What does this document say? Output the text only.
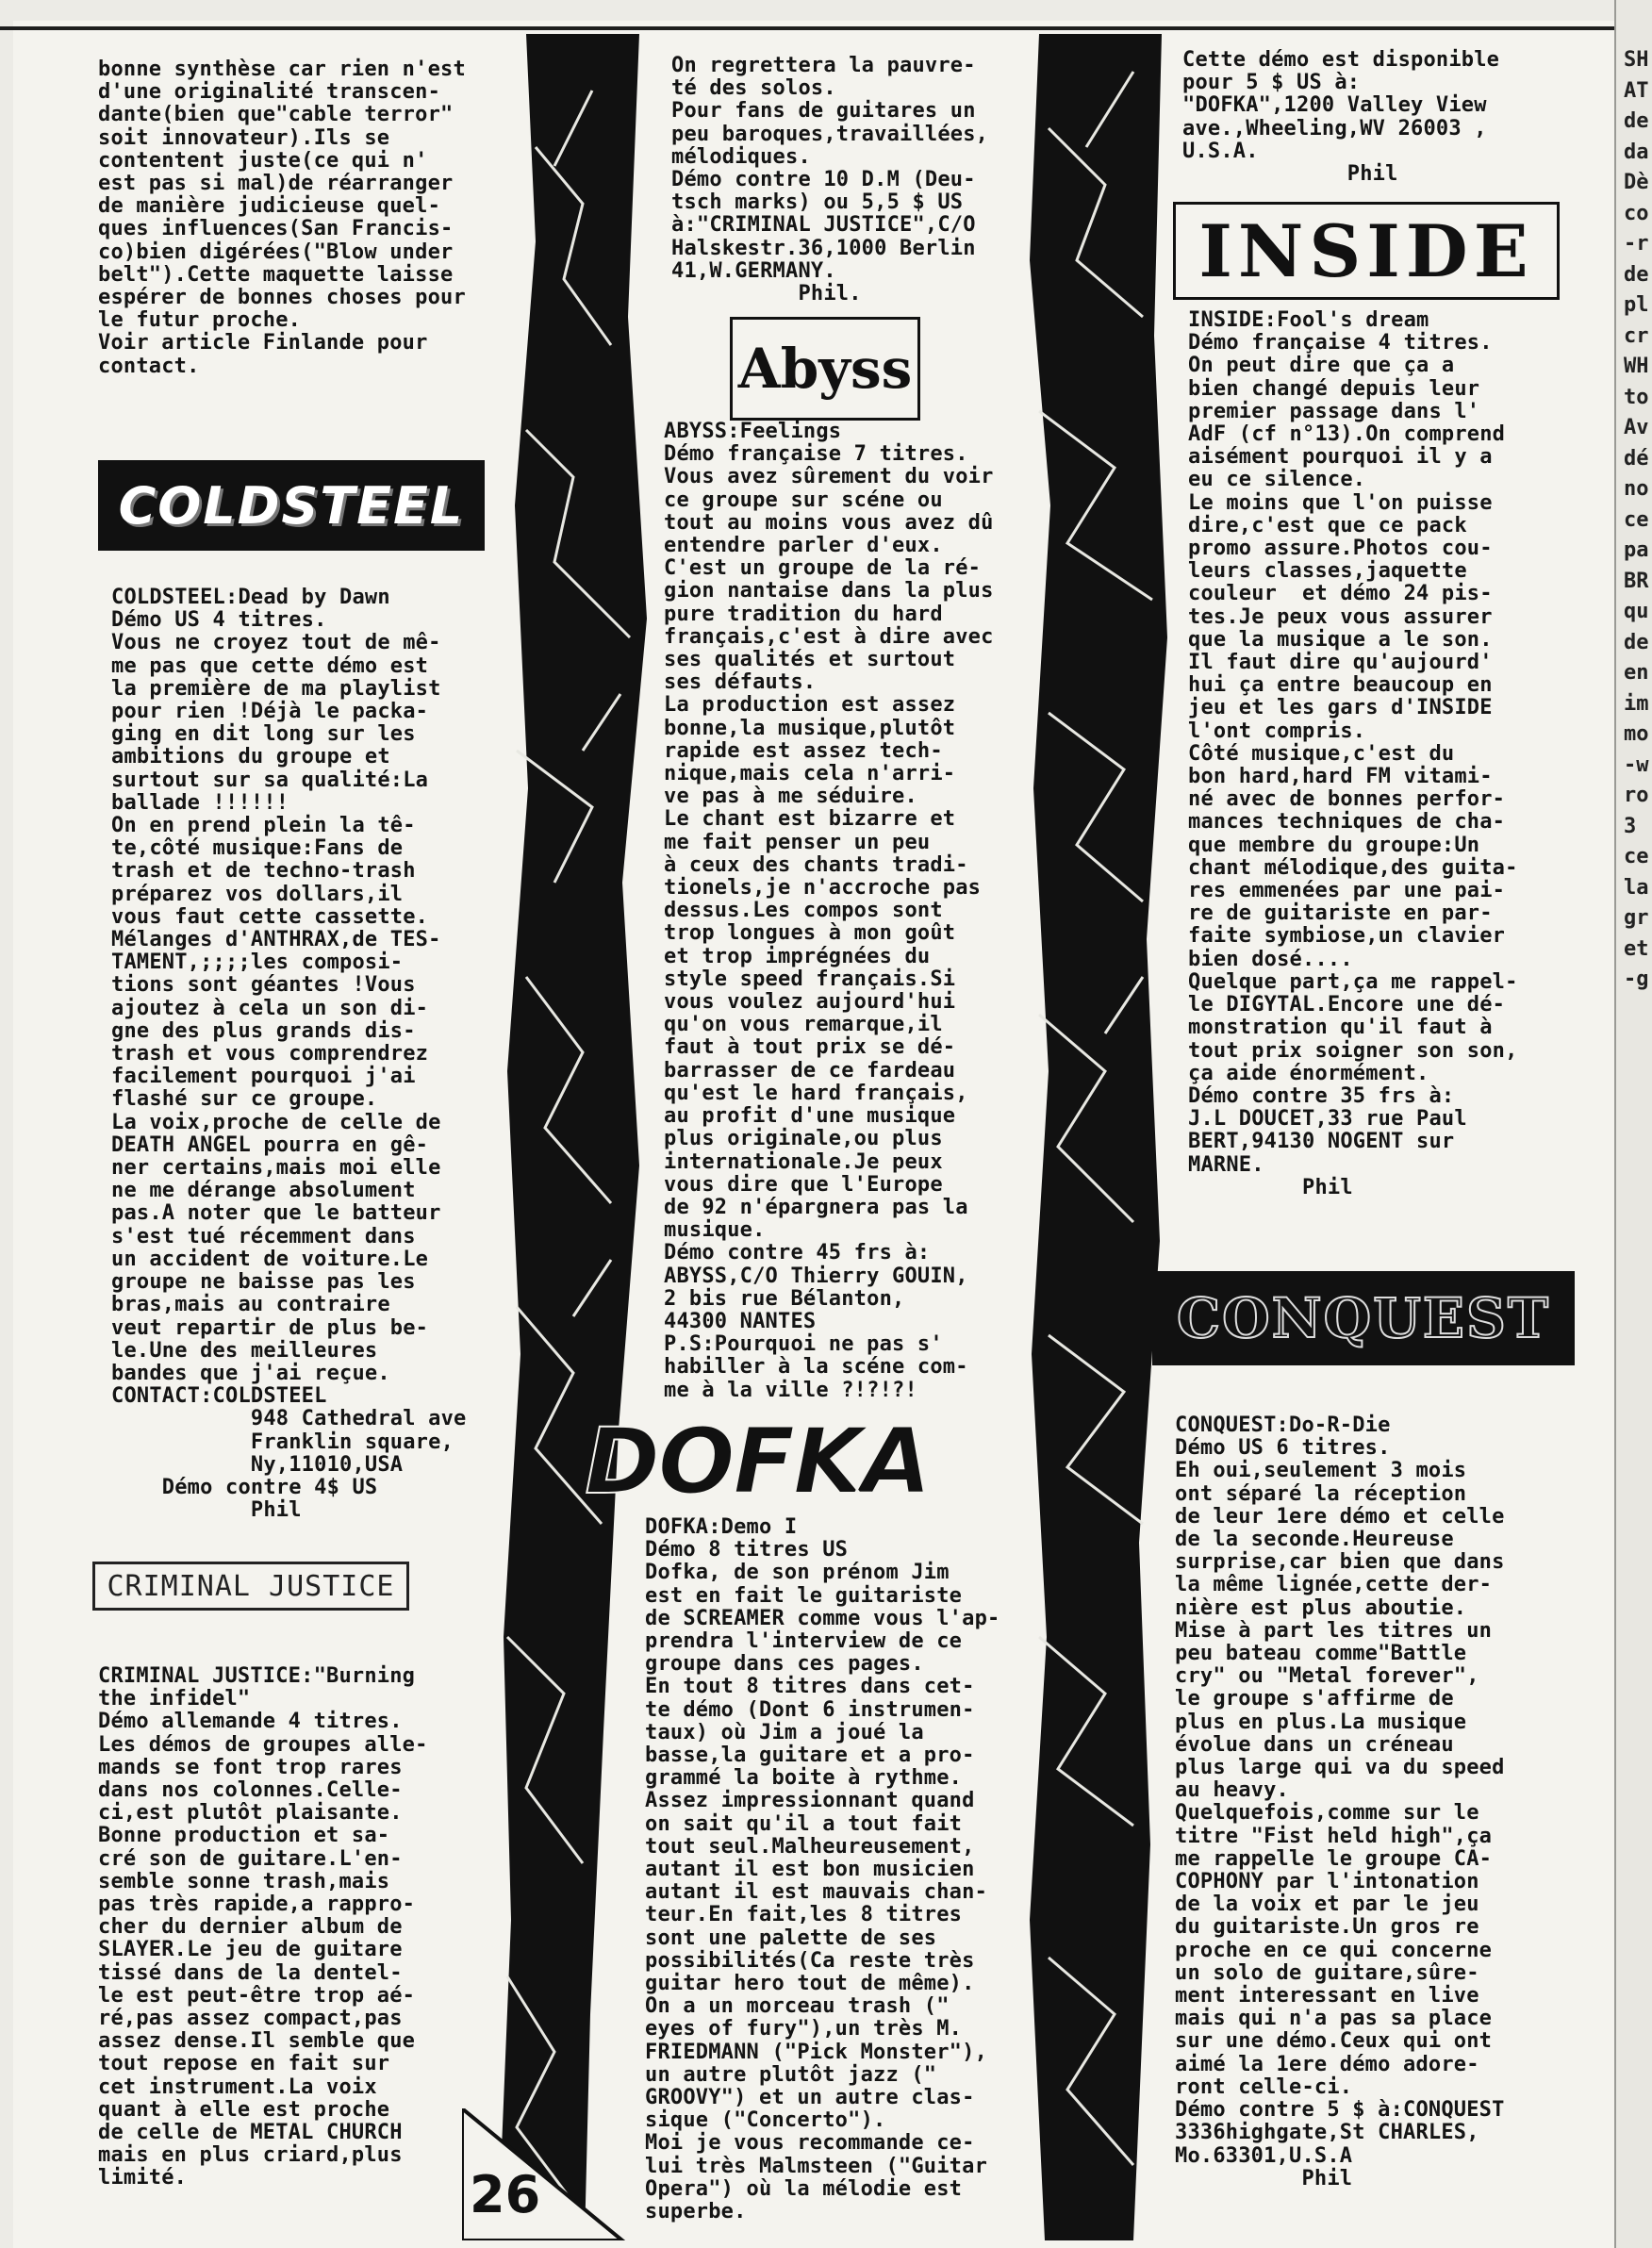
bonne synthèse car rien n'est
d'une originalité transcen-
dante(bien que"cable terror"
soit innovateur).Ils se
contentent juste(ce qui n'
est pas si mal)de réarranger
de manière judicieuse quel-
ques influences(San Francis-
co)bien digérées("Blow under
belt").Cette maquette laisse
espérer de bonnes choses pour
le futur proche.
Voir article Finlande pour
contact.
COLDSTEEL
COLDSTEEL:Dead by Dawn
Démo US 4 titres.
Vous ne croyez tout de mê-
me pas que cette démo est
la première de ma playlist
pour rien !Déjà le packa-
ging en dit long sur les
ambitions du groupe et
surtout sur sa qualité:La
ballade !!!!!!
On en prend plein la tê-
te,côté musique:Fans de
trash et de techno-trash
préparez vos dollars,il
vous faut cette cassette.
Mélanges d'ANTHRAX,de TES-
TAMENT,;;;;les composi-
tions sont géantes !Vous
ajoutez à cela un son di-
gne des plus grands dis-
trash et vous comprendrez
facilement pourquoi j'ai
flashé sur ce groupe.
La voix,proche de celle de
DEATH ANGEL pourra en gê-
ner certains,mais moi elle
ne me dérange absolument
pas.A noter que le batteur
s'est tué récemment dans
un accident de voiture.Le
groupe ne baisse pas les
bras,mais au contraire
veut repartir de plus be-
le.Une des meilleures
bandes que j'ai reçue.
CONTACT:COLDSTEEL
948 Cathedral ave
Franklin square,
Ny,11010,USA
Démo contre 4$ US
Phil
CRIMINAL JUSTICE
CRIMINAL JUSTICE:"Burning
the infidel"
Démo allemande 4 titres.
Les démos de groupes alle-
mands se font trop rares
dans nos colonnes.Celle-
ci,est plutôt plaisante.
Bonne production et sa-
cré son de guitare.L'en-
semble sonne trash,mais
pas très rapide,a rappro-
cher du dernier album de
SLAYER.Le jeu de guitare
tissé dans de la dentel-
le est peut-être trop aé-
ré,pas assez compact,pas
assez dense.Il semble que
tout repose en fait sur
cet instrument.La voix
quant à elle est proche
de celle de METAL CHURCH
mais en plus criard,plus
limité.
On regrettera la pauvre-
té des solos.
Pour fans de guitares un
peu baroques,travaillées,
mélodiques.
Démo contre 10 D.M (Deu-
tsch marks) ou 5,5 $ US
à:"CRIMINAL JUSTICE",C/O
Halskestr.36,1000 Berlin
41,W.GERMANY.
Phil.
Abyss
ABYSS:Feelings
Démo française 7 titres.
Vous avez sûrement du voir
ce groupe sur scéne ou
tout au moins vous avez dû
entendre parler d'eux.
C'est un groupe de la ré-
gion nantaise dans la plus
pure tradition du hard
français,c'est à dire avec
ses qualités et surtout
ses défauts.
La production est assez
bonne,la musique,plutôt
rapide est assez tech-
nique,mais cela n'arri-
ve pas à me séduire.
Le chant est bizarre et
me fait penser un peu
à ceux des chants tradi-
tionels,je n'accroche pas
dessus.Les compos sont
trop longues à mon goût
et trop imprégnées du
style speed français.Si
vous voulez aujourd'hui
qu'on vous remarque,il
faut à tout prix se dé-
barrasser de ce fardeau
qu'est le hard français,
au profit d'une musique
plus originale,ou plus
internationale.Je peux
vous dire que l'Europe
de 92 n'épargnera pas la
musique.
Démo contre 45 frs à:
ABYSS,C/O Thierry GOUIN,
2 bis rue Bélanton,
44300 NANTES
P.S:Pourquoi ne pas s'
habiller à la scéne com-
me à la ville ?!?!?!
DOFKA
DOFKA:Demo I
Démo 8 titres US
Dofka, de son prénom Jim
est en fait le guitariste
de SCREAMER comme vous l'ap-
prendra l'interview de ce
groupe dans ces pages.
En tout 8 titres dans cet-
te démo (Dont 6 instrumen-
taux) où Jim a joué la
basse,la guitare et a pro-
grammé la boite à rythme.
Assez impressionnant quand
on sait qu'il a tout fait
tout seul.Malheureusement,
autant il est bon musicien
autant il est mauvais chan-
teur.En fait,les 8 titres
sont une palette de ses
possibilités(Ca reste très
guitar hero tout de même).
On a un morceau trash ("
eyes of fury"),un très M.
FRIEDMANN ("Pick Monster"),
un autre plutôt jazz ("
GROOVY") et un autre clas-
sique ("Concerto").
Moi je vous recommande ce-
lui très Malmsteen ("Guitar
Opera") où la mélodie est
superbe.
Cette démo est disponible
pour 5 $ US à:
"DOFKA",1200 Valley View
ave.,Wheeling,WV 26003 ,
U.S.A.
Phil
INSIDE
INSIDE:Fool's dream
Démo française 4 titres.
On peut dire que ça a
bien changé depuis leur
premier passage dans l'
AdF (cf n°13).On comprend
aisément pourquoi il y a
eu ce silence.
Le moins que l'on puisse
dire,c'est que ce pack
promo assure.Photos cou-
leurs classes,jaquette
couleur  et démo 24 pis-
tes.Je peux vous assurer
que la musique a le son.
Il faut dire qu'aujourd'
hui ça entre beaucoup en
jeu et les gars d'INSIDE
l'ont compris.
Côté musique,c'est du
bon hard,hard FM vitami-
né avec de bonnes perfor-
mances techniques de cha-
que membre du groupe:Un
chant mélodique,des guita-
res emmenées par une pai-
re de guitariste en par-
faite symbiose,un clavier
bien dosé....
Quelque part,ça me rappel-
le DIGYTAL.Encore une dé-
monstration qu'il faut à
tout prix soigner son son,
ça aide énormément.
Démo contre 35 frs à:
J.L DOUCET,33 rue Paul
BERT,94130 NOGENT sur
MARNE.
Phil
CONQUEST
CONQUEST:Do-R-Die
Démo US 6 titres.
Eh oui,seulement 3 mois
ont séparé la réception
de leur 1ere démo et celle
de la seconde.Heureuse
surprise,car bien que dans
la même lignée,cette der-
nière est plus aboutie.
Mise à part les titres un
peu bateau comme"Battle
cry" ou "Metal forever",
le groupe s'affirme de
plus en plus.La musique
évolue dans un créneau
plus large qui va du speed
au heavy.
Quelquefois,comme sur le
titre "Fist held high",ça
me rappelle le groupe CA-
COPHONY par l'intonation
de la voix et par le jeu
du guitariste.Un gros re
proche en ce qui concerne
un solo de guitare,sûre-
ment interessant en live
mais qui n'a pas sa place
sur une démo.Ceux qui ont
aimé la 1ere démo adore-
ront celle-ci.
Démo contre 5 $ à:CONQUEST
3336highgate,St CHARLES,
Mo.63301,U.S.A
Phil
26
SH
AT
de
da
Dè
co
-r
de
pl
cr
WH
to
Av
dé
no
ce
pa
BR
qu
de
en
im
mo
-w
ro
3
ce
la
gr
et
-g
